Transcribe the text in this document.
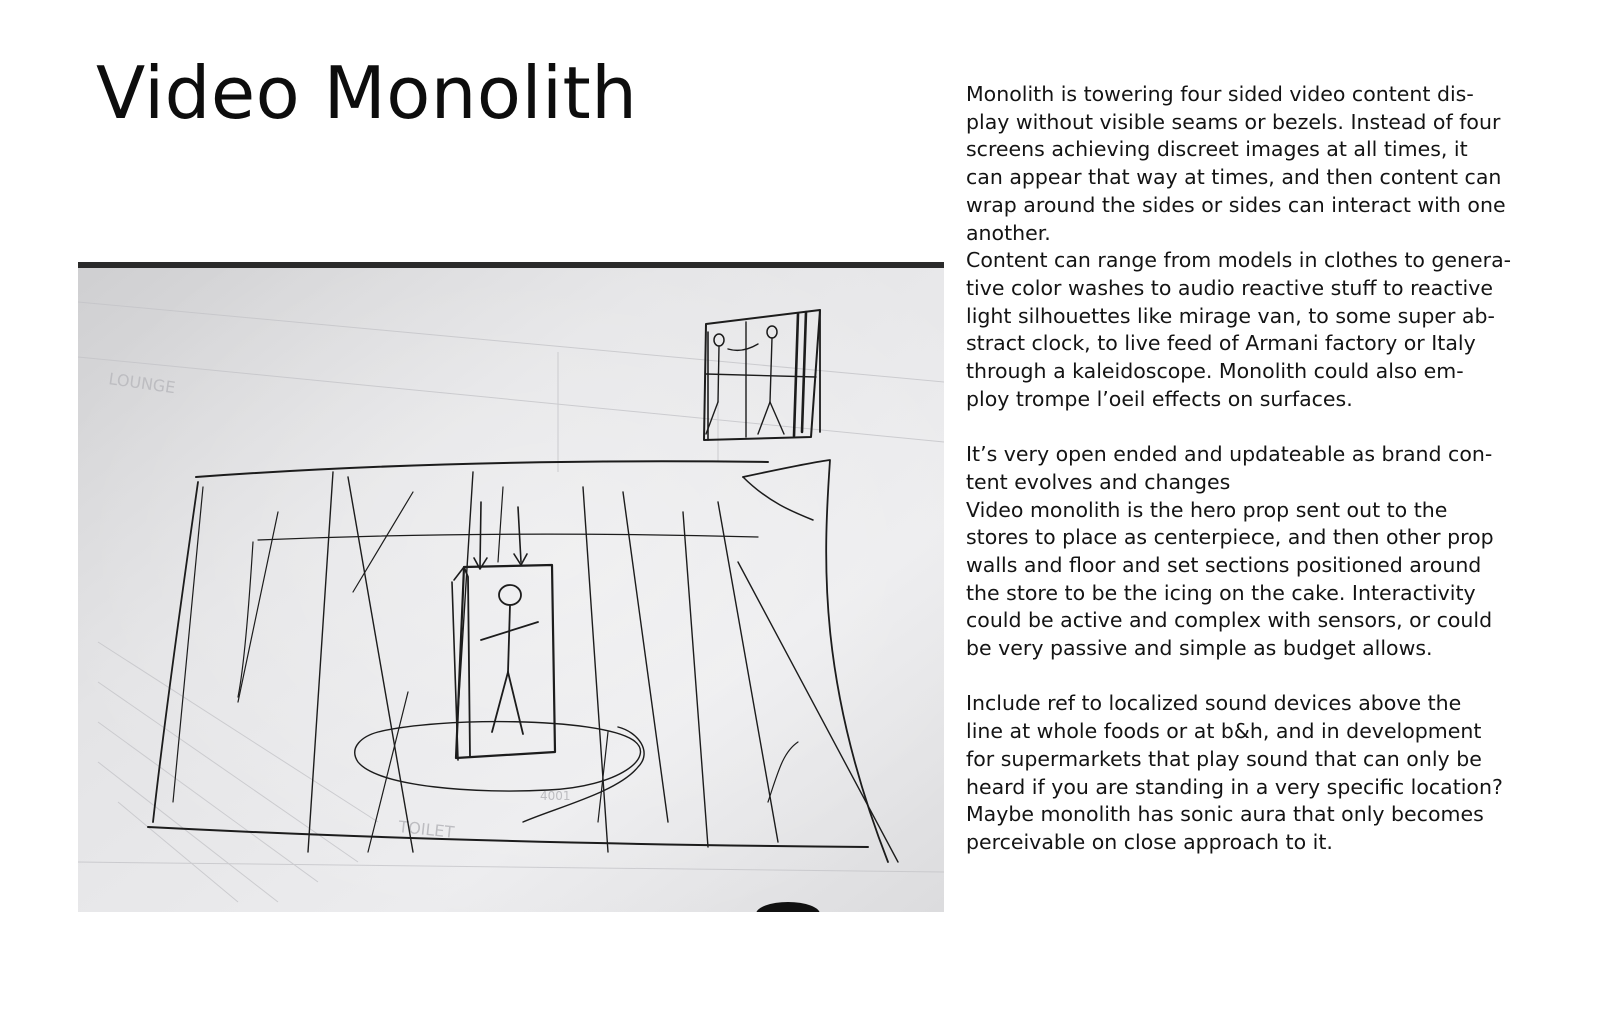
Video Monolith
LOUNGE
TOILET
4001

Monolith is towering four sided video content dis-
play without visible seams or bezels. Instead of four
screens achieving discreet images at all times, it
can appear that way at times, and then content can
wrap around the sides or sides can interact with one
another.

Content can range from models in clothes to genera-
tive color washes to audio reactive stuff to reactive
light silhouettes like mirage van, to some super ab-
stract clock, to live feed of Armani factory or Italy
through a kaleidoscope. Monolith could also em-
ploy trompe l’oeil effects on surfaces.

It’s very open ended and updateable as brand con-
tent evolves and changes

Video monolith is the hero prop sent out to the
stores to place as centerpiece, and then other prop
walls and floor and set sections positioned around
the store to be the icing on the cake. Interactivity
could be active and complex with sensors, or could
be very passive and simple as budget allows.

Include ref to localized sound devices above the
line at whole foods or at b&h, and in development
for supermarkets that play sound that can only be
heard if you are standing in a very specific location?
Maybe monolith has sonic aura that only becomes
perceivable on close approach to it.
